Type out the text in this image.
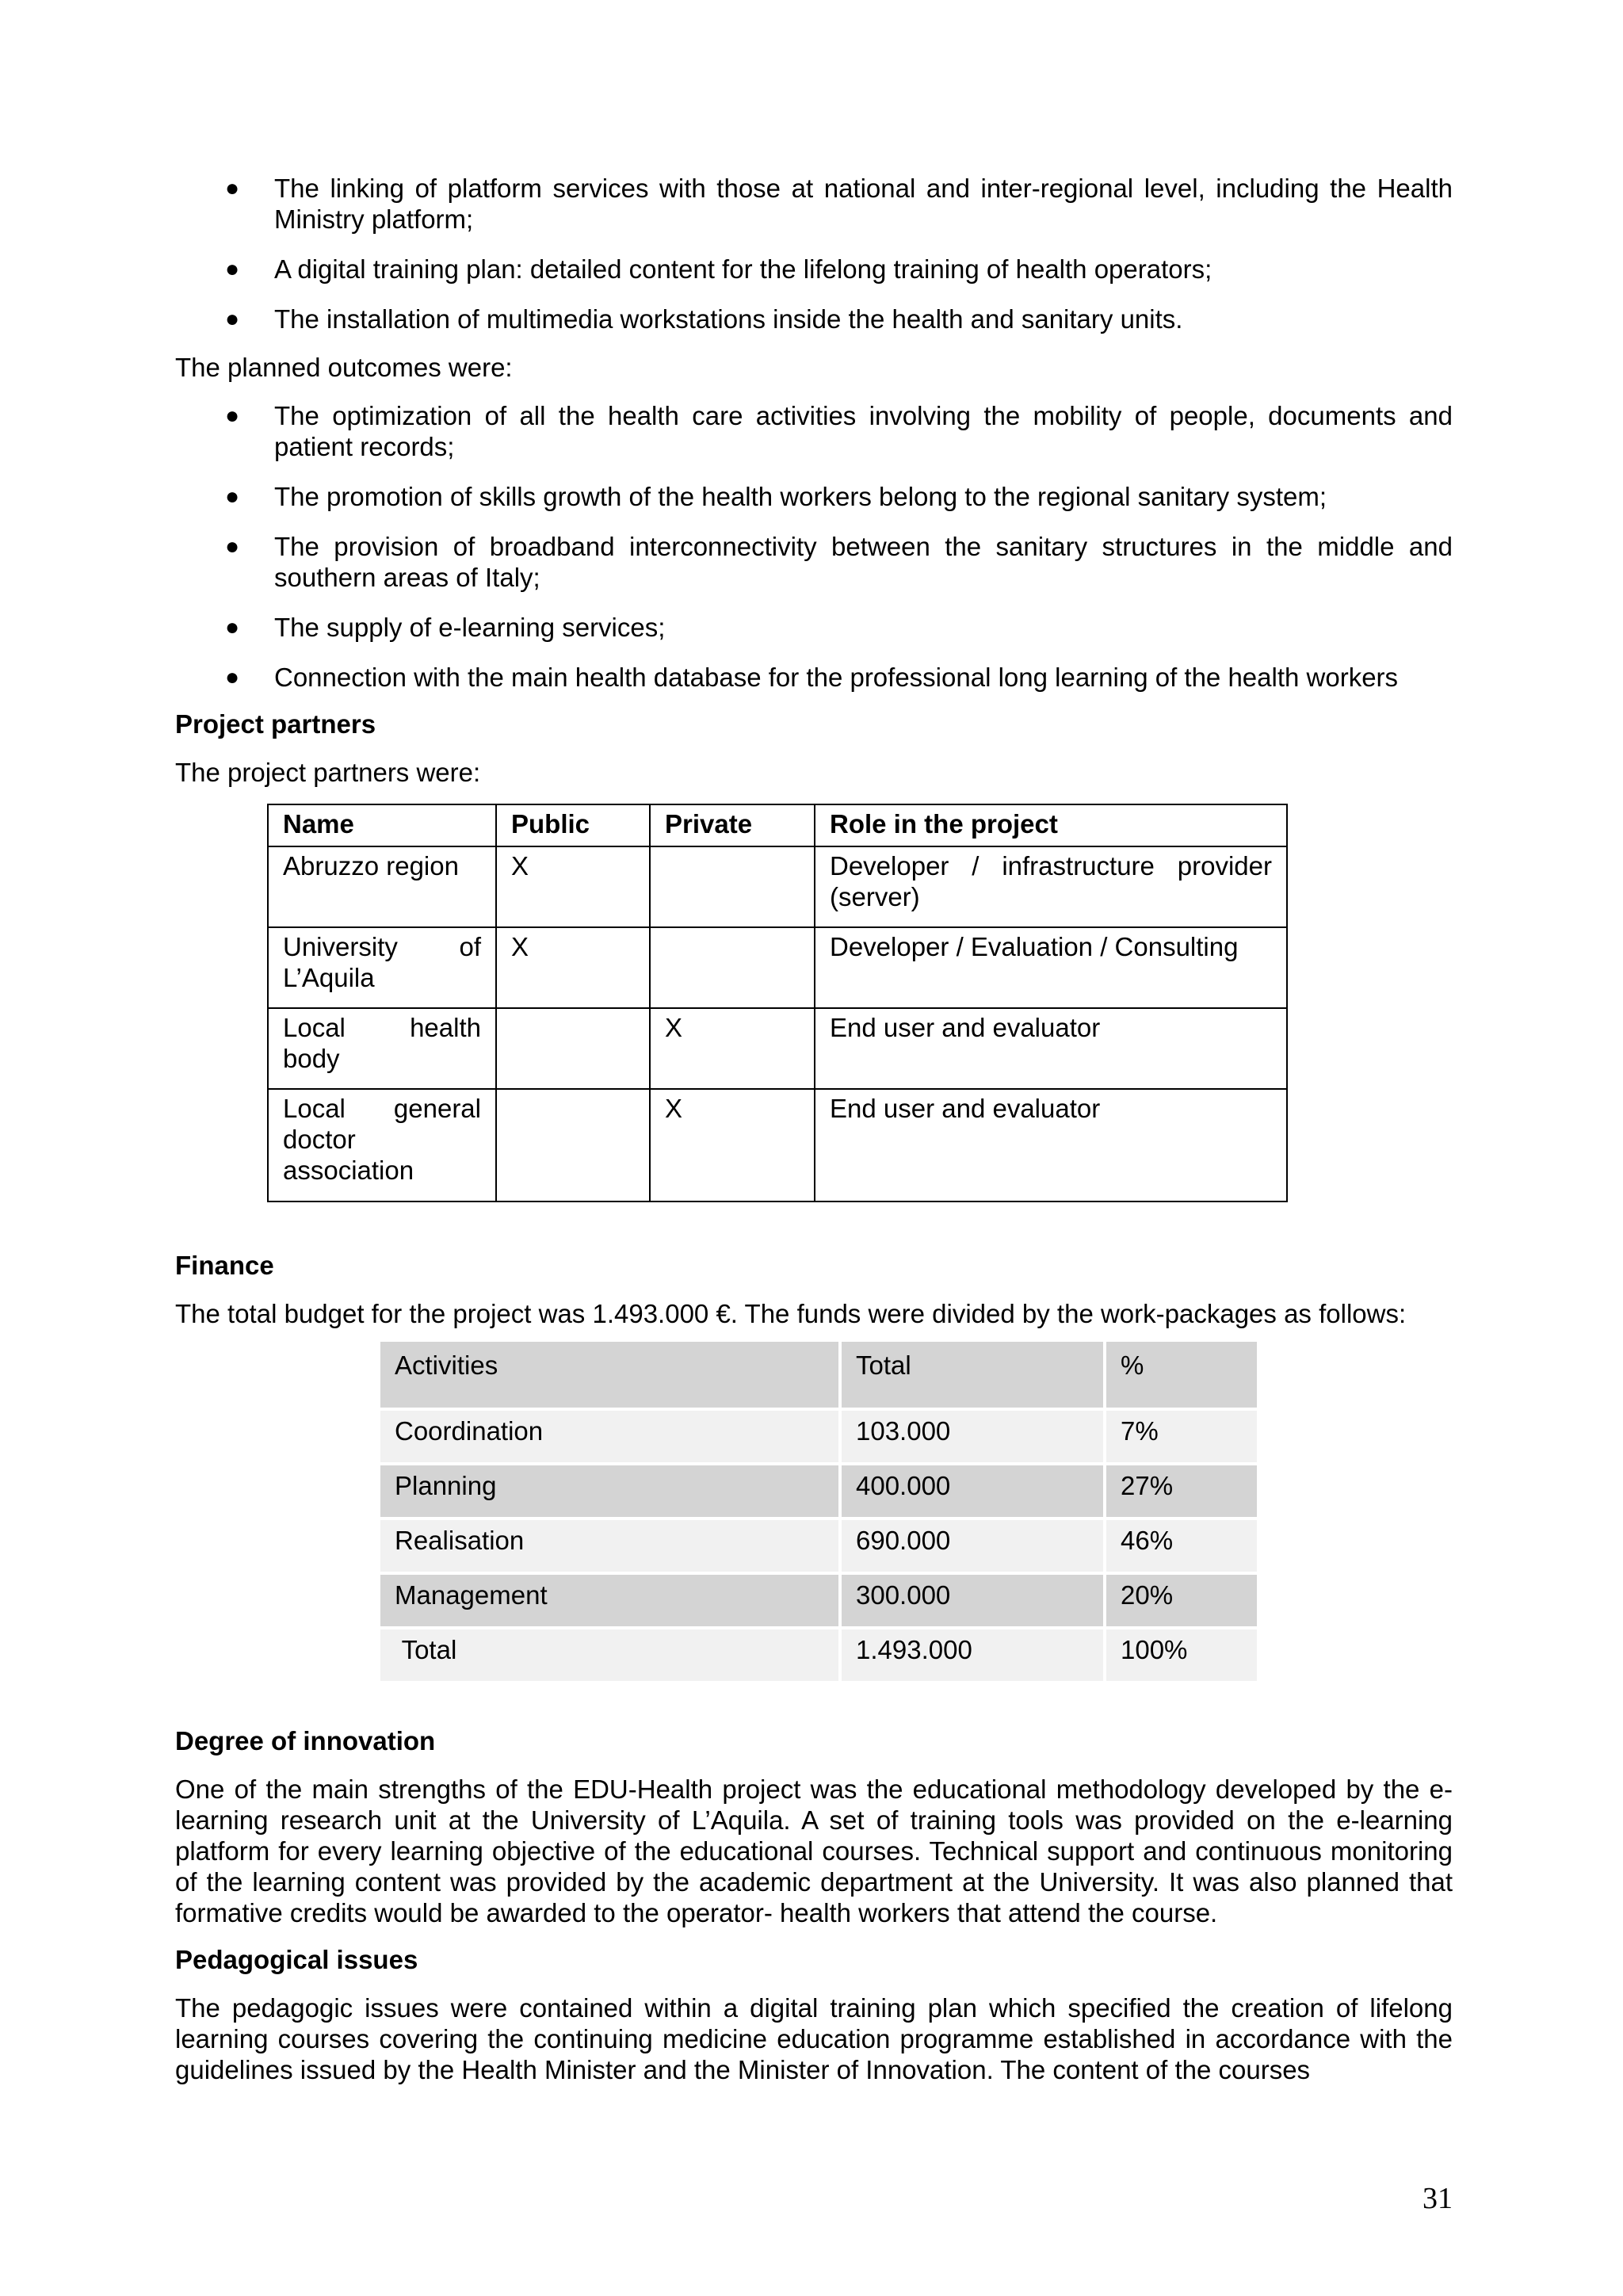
● The linking of platform services with those at national and inter-regional level, including the Health Ministry platform;
● A digital training plan: detailed content for the lifelong training of health operators;
● The installation of multimedia workstations inside the health and sanitary units.

The planned outcomes were:

● The optimization of all the health care activities involving the mobility of people, documents and patient records;
● The promotion of skills growth of the health workers belong to the regional sanitary system;
● The provision of broadband interconnectivity between the sanitary structures in the middle and southern areas of Italy;
● The supply of e-learning services;
● Connection with the main health database for the professional long learning of the health workers

Project partners

The project partners were:

Name	Public	Private	Role in the project
Abruzzo region	X		Developer / infrastructure provider (server)
University of L’Aquila	X		Developer / Evaluation / Consulting
Local health body		X	End user and evaluator
Local general doctor association		X	End user and evaluator

Finance

The total budget for the project was 1.493.000 €. The funds were divided by the work-packages as follows:

Activities	Total	%
Coordination	103.000	7%
Planning	400.000	27%
Realisation	690.000	46%
Management	300.000	20%
Total	1.493.000	100%

Degree of innovation

One of the main strengths of the EDU-Health project was the educational methodology developed by the e-learning research unit at the University of L’Aquila. A set of training tools was provided on the e-learning platform for every learning objective of the educational courses. Technical support and continuous monitoring of the learning content was provided by the academic department at the University. It was also planned that formative credits would be awarded to the operator- health workers that attend the course.

Pedagogical issues

The pedagogic issues were contained within a digital training plan which specified the creation of lifelong learning courses covering the continuing medicine education programme established in accordance with the guidelines issued by the Health Minister and the Minister of Innovation. The content of the courses

31
